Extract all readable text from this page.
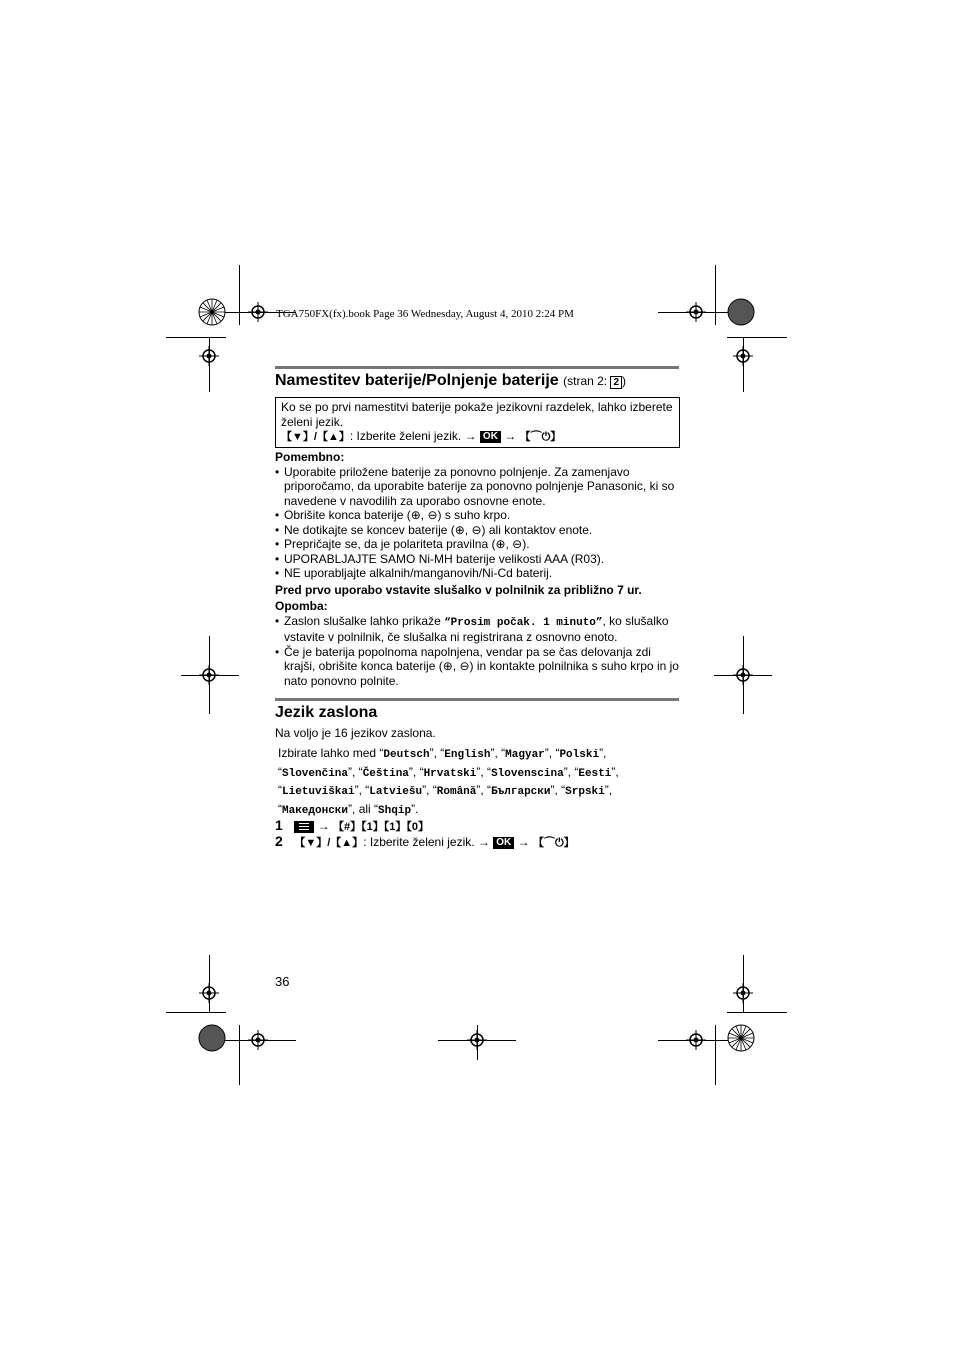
TGA750FX(fx).book Page 36 Wednesday, August 4, 2010 2:24 PM
Namestitev baterije/Polnjenje baterije (stran 2: 2 )
Ko se po prvi namestitvi baterije pokaže jezikovni razdelek, lahko izberete
želeni jezik.
【▼】/【▲】: Izberite želeni jezik. → OK → 【⌒⏻】
Pomembno:
• Uporabite priložene baterije za ponovno polnjenje. Za zamenjavo priporočamo, da uporabite baterije za ponovno polnjenje Panasonic, ki so navedene v navodilih za uporabo osnovne enote.
• Obrišite konca baterije (⊕, ⊖) s suho krpo.
• Ne dotikajte se koncev baterije (⊕, ⊖) ali kontaktov enote.
• Prepričajte se, da je polariteta pravilna (⊕, ⊖).
• UPORABLJAJTE SAMO Ni-MH baterije velikosti AAA (R03).
• NE uporabljajte alkalnih/manganovih/Ni-Cd baterij.
Pred prvo uporabo vstavite slušalko v polnilnik za približno 7 ur.
Opomba:
• Zaslon slušalke lahko prikaže “Prosim počak. 1 minuto”, ko slušalko vstavite v polnilnik, če slušalka ni registrirana z osnovno enoto.
• Če je baterija popolnoma napolnjena, vendar pa se čas delovanja zdi krajši, obrišite konca baterije (⊕, ⊖) in kontakte polnilnika s suho krpo in jo nato ponovno polnite.
Jezik zaslona
Na voljo je 16 jezikov zaslona.
Izbirate lahko med “Deutsch”, “English”, “Magyar”, “Polski”, “Slovenčina”, “Čeština”, “Hrvatski”, “Slovenscina”, “Eesti”, “Lietuviškai”, “Latviešu”, “Română”, “Български”, “Srpski”, “Македонски”, ali “Shqip”.
1	→ 【#】【1】【1】【0】
2 【▼】/【▲】: Izberite želeni jezik. → OK → 【⌒⏻】
36
